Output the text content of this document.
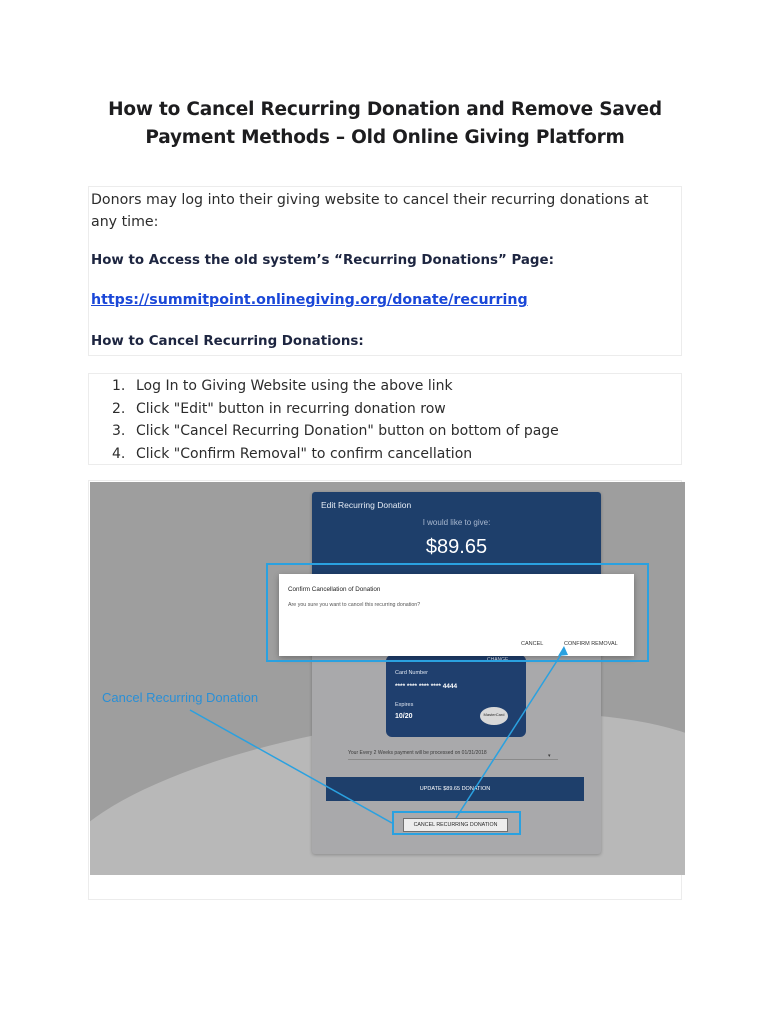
How to Cancel Recurring Donation and Remove Saved
Payment Methods – Old Online Giving Platform
Donors may log into their giving website to cancel their recurring donations at any time:
How to Access the old system’s “Recurring Donations” Page:
https://summitpoint.onlinegiving.org/donate/recurring
How to Cancel Recurring Donations:
1. Log In to Giving Website using the above link
2. Click "Edit" button in recurring donation row
3. Click "Cancel Recurring Donation" button on bottom of page
4. Click "Confirm Removal" to confirm cancellation
Edit Recurring Donation
I would like to give:
$89.65
CHANGE
Card Number
**** **** **** **** 4444
Expires
10/20	MasterCard
Your Every 2 Weeks payment will be processed on 01/31/2018	▾
UPDATE $89.65 DONATION
CANCEL RECURRING DONATION
Confirm Cancellation of Donation
Are you sure you want to cancel this recurring donation?
CANCEL	CONFIRM REMOVAL
Cancel Recurring Donation
